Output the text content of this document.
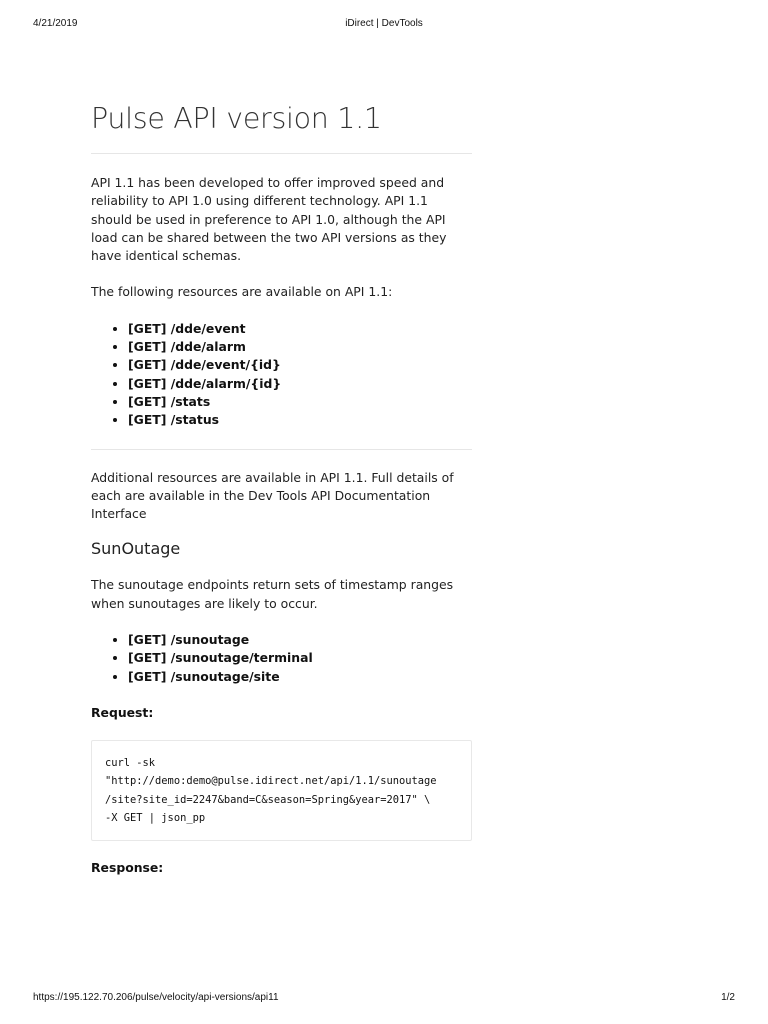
4/21/2019	iDirect | DevTools
Pulse API version 1.1

API 1.1 has been developed to offer improved speed and reliability to API 1.0 using different technology. API 1.1 should be used in preference to API 1.0, although the API load can be shared between the two API versions as they have identical schemas.

The following resources are available on API 1.1:

• [GET] /dde/event
• [GET] /dde/alarm
• [GET] /dde/event/{id}
• [GET] /dde/alarm/{id}
• [GET] /stats
• [GET] /status

Additional resources are available in API 1.1. Full details of each are available in the Dev Tools API Documentation Interface

SunOutage

The sunoutage endpoints return sets of timestamp ranges when sunoutages are likely to occur.

• [GET] /sunoutage
• [GET] /sunoutage/terminal
• [GET] /sunoutage/site
Request:
curl -sk
"http://demo:demo@pulse.idirect.net/api/1.1/sunoutage
/site?site_id=2247&band=C&season=Spring&year=2017" \
-X GET | json_pp
Response:
https://195.122.70.206/pulse/velocity/api-versions/api11	1/2
